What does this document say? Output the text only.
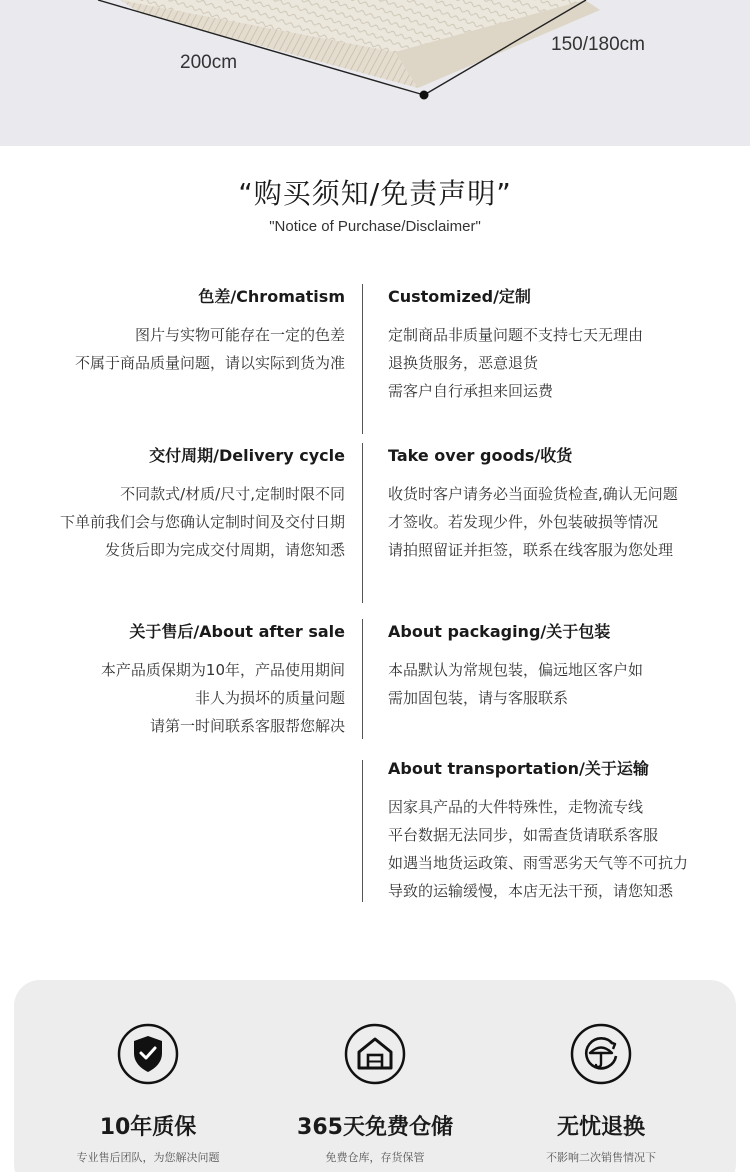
200cm
150/180cm
“购买须知/免责声明”
"Notice of Purchase/Disclaimer"
色差/Chromatism
图片与实物可能存在一定的色差
不属于商品质量问题，请以实际到货为准
交付周期/Delivery cycle
不同款式/材质/尺寸,定制时限不同
下单前我们会与您确认定制时间及交付日期
发货后即为完成交付周期，请您知悉
关于售后/About after sale
本产品质保期为10年，产品使用期间
非人为损坏的质量问题
请第一时间联系客服帮您解决
Customized/定制
定制商品非质量问题不支持七天无理由
退换货服务，恶意退货
需客户自行承担来回运费
Take over goods/收货
收货时客户请务必当面验货检查,确认无问题
才签收。若发现少件，外包装破损等情况
请拍照留证并拒签，联系在线客服为您处理
About packaging/关于包装
本品默认为常规包装，偏远地区客户如
需加固包装，请与客服联系
About transportation/关于运输
因家具产品的大件特殊性，走物流专线
平台数据无法同步，如需查货请联系客服
如遇当地货运政策、雨雪恶劣天气等不可抗力
导致的运输缓慢，本店无法干预，请您知悉
10年质保
专业售后团队，为您解决问题
365天免费仓储
免费仓库，存货保管
无忧退换
不影响二次销售情况下
